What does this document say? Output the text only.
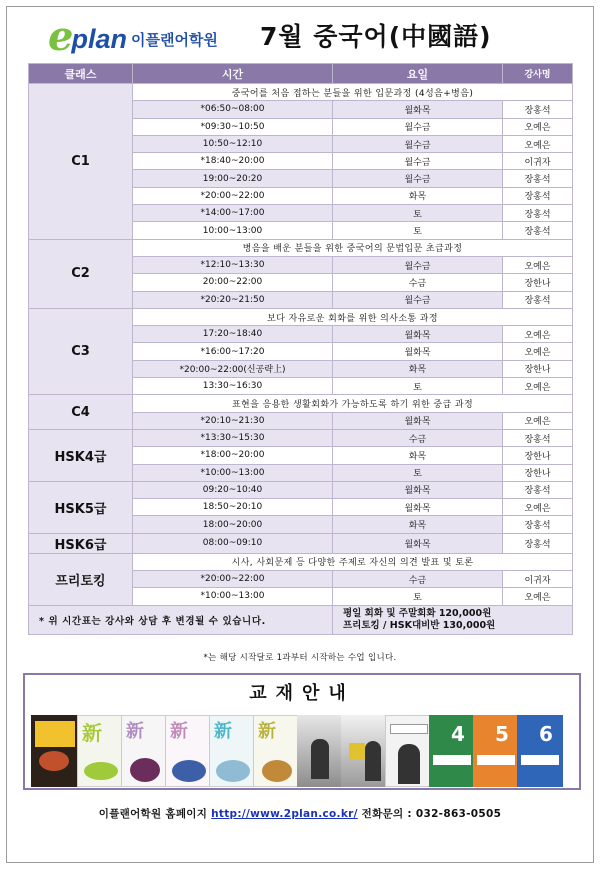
e
plan 이플랜어학원 7월 중국어(中國語)
클래스	시간	요일	강사명
C1	중국어를 처음 접하는 분들을 위한 입문과정 (4성음+병음)		
	*06:50~08:00	월화목	장홍석
	*09:30~10:50	월수금	오예은
	10:50~12:10	월수금	오예은
	*18:40~20:00	월수금	이귀자
	19:00~20:20	월수금	장홍석
	*20:00~22:00	화목	장홍석
	*14:00~17:00	토	장홍석
	10:00~13:00	토	장홍석
C2	병음을 배운 분들을 위한 중국어의 문법입문 초급과정		
	*12:10~13:30	월수금	오예은
	20:00~22:00	수금	장한나
	*20:20~21:50	월수금	장홍석
C3	보다 자유로운 회화를 위한 의사소통 과정		
	17:20~18:40	월화목	오예은
	*16:00~17:20	월화목	오예은
	*20:00~22:00(신공략上)	화목	장한나
	13:30~16:30	토	오예은
C4	표현을 응용한 생활회화가 가능하도록 하기 위한 중급 과정		
	*20:10~21:30	월화목	오예은
HSK4급	*13:30~15:30	수금	장홍석
	*18:00~20:00	화목	장한나
	*10:00~13:00	토	장한나
HSK5급	09:20~10:40	월화목	장홍석
	18:50~20:10	월화목	오예은
	18:00~20:00	화목	장홍석
HSK6급	08:00~09:10	월화목	장홍석
프리토킹	시사, 사회문제 등 다양한 주제로 자신의 의견 발표 및 토론		
	*20:00~22:00	수금	이귀자
	*10:00~13:00	토	오예은
* 위 시간표는 강사와 상담 후 변경될 수 있습니다.		평일 회화 및 주말회화 120,000원
프리토킹 / HSK대비반 130,000원	
*는 해당 시작달로 1과부터 시작하는 수업 입니다.
교재안내
新 新 新 新 新	4 5 6
이플랜어학원 홈페이지 http://www.2plan.co.kr/ 전화문의 : 032-863-0505
